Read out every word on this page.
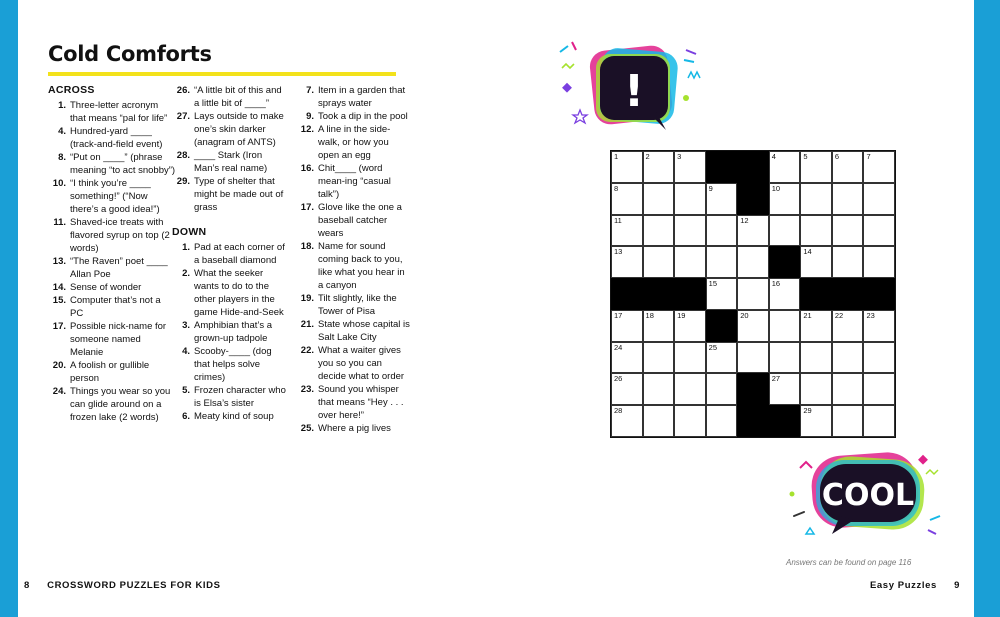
Cold Comforts
ACROSS
1. Three-letter acronym that means “pal for life”
4. Hundred-yard ____ (track-and-field event)
8. “Put on ____” (phrase meaning “to act snobby”)
10. “I think you’re ____ something!” (“Now there’s a good idea!”)
11. Shaved-ice treats with flavored syrup on top (2 words)
13. “The Raven” poet ____ Allan Poe
14. Sense of wonder
15. Computer that’s not a PC
17. Possible nick-name for someone named Melanie
20. A foolish or gullible person
24. Things you wear so you can glide around on a frozen lake (2 words)
26. “A little bit of this and a little bit of ____”
27. Lays outside to make one’s skin darker (anagram of ANTS)
28. ____ Stark (Iron Man’s real name)
29. Type of shelter that might be made out of grass
DOWN
1. Pad at each corner of a baseball diamond
2. What the seeker wants to do to the other players in the game Hide-and-Seek
3. Amphibian that’s a grown-up tadpole
4. Scooby-____ (dog that helps solve crimes)
5. Frozen character who is Elsa’s sister
6. Meaty kind of soup
7. Item in a garden that sprays water
9. Took a dip in the pool
12. A line in the side-walk, or how you open an egg
16. Chit____ (word mean-ing “casual talk”)
17. Glove like the one a baseball catcher wears
18. Name for sound coming back to you, like what you hear in a canyon
19. Tilt slightly, like the Tower of Pisa
21. State whose capital is Salt Lake City
22. What a waiter gives you so you can decide what to order
23. Sound you whisper that means “Hey . . . over here!”
25. Where a pig lives
!
1	2	3	4	5	6	7
8	9	10
11	12
13	14
15	16
17	18	19	20	21	22	23
24	25
26	27
28	29
COOL
Answers can be found on page 116
8 CROSSWORD PUZZLES FOR KIDS	Easy Puzzles 9
